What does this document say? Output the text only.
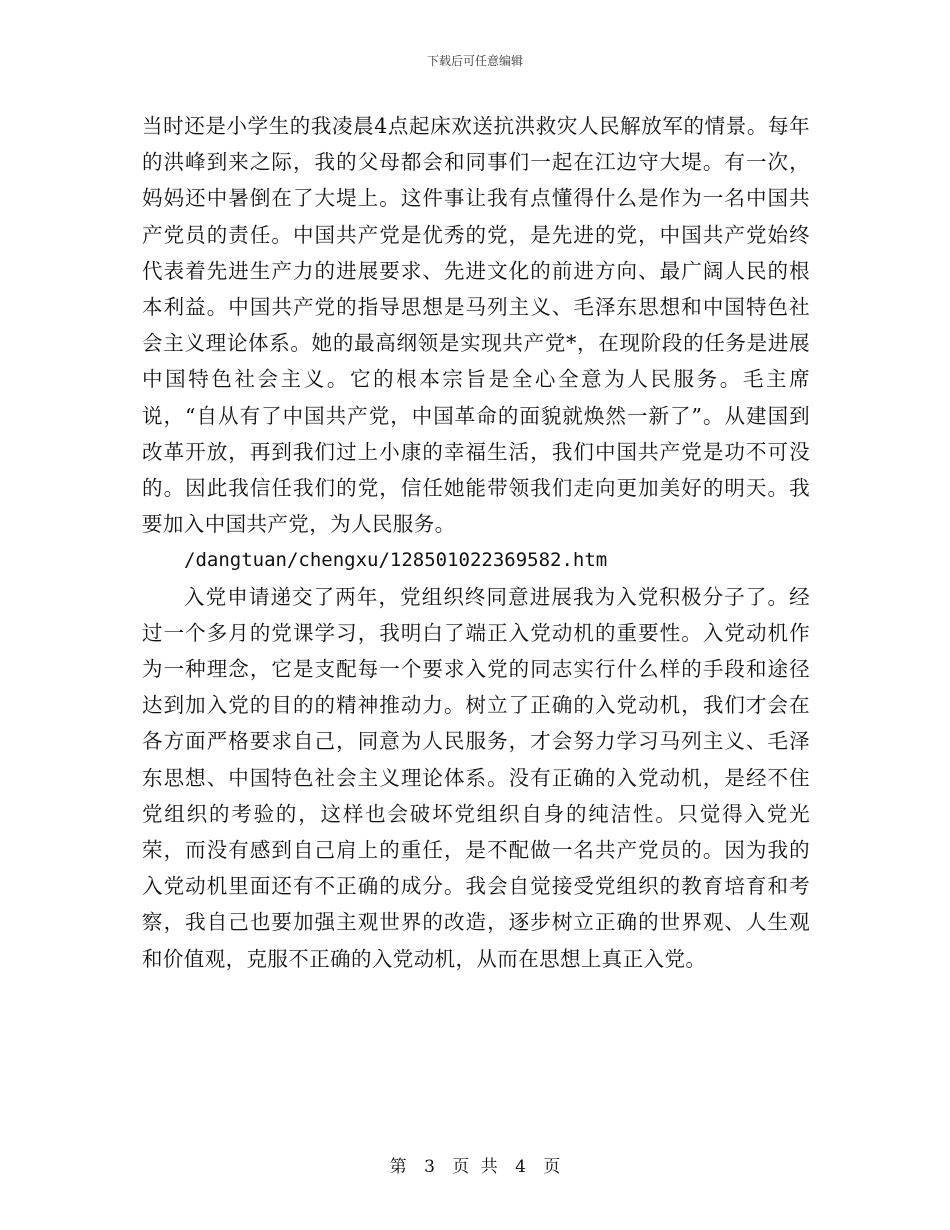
下载后可任意编辑

当时还是小学生的我凌晨4点起床欢送抗洪救灾人民解放军的情景。每年的洪峰到来之际，我的父母都会和同事们一起在江边守大堤。有一次，妈妈还中暑倒在了大堤上。这件事让我有点懂得什么是作为一名中国共产党员的责任。中国共产党是优秀的党，是先进的党，中国共产党始终代表着先进生产力的进展要求、先进文化的前进方向、最广阔人民的根本利益。中国共产党的指导思想是马列主义、毛泽东思想和中国特色社会主义理论体系。她的最高纲领是实现共产党*，在现阶段的任务是进展中国特色社会主义。它的根本宗旨是全心全意为人民服务。毛主席说，“自从有了中国共产党，中国革命的面貌就焕然一新了”。从建国到改革开放，再到我们过上小康的幸福生活，我们中国共产党是功不可没的。因此我信任我们的党，信任她能带领我们走向更加美好的明天。我要加入中国共产党，为人民服务。

/dangtuan/chengxu/128501022369582.htm

入党申请递交了两年，党组织终同意进展我为入党积极分子了。经过一个多月的党课学习，我明白了端正入党动机的重要性。入党动机作为一种理念，它是支配每一个要求入党的同志实行什么样的手段和途径达到加入党的目的的精神推动力。树立了正确的入党动机，我们才会在各方面严格要求自己，同意为人民服务，才会努力学习马列主义、毛泽东思想、中国特色社会主义理论体系。没有正确的入党动机，是经不住党组织的考验的，这样也会破坏党组织自身的纯洁性。只觉得入党光荣，而没有感到自己肩上的重任，是不配做一名共产党员的。因为我的入党动机里面还有不正确的成分。我会自觉接受党组织的教育培育和考察，我自己也要加强主观世界的改造，逐步树立正确的世界观、人生观和价值观，克服不正确的入党动机，从而在思想上真正入党。

第 3 页 共 4 页
